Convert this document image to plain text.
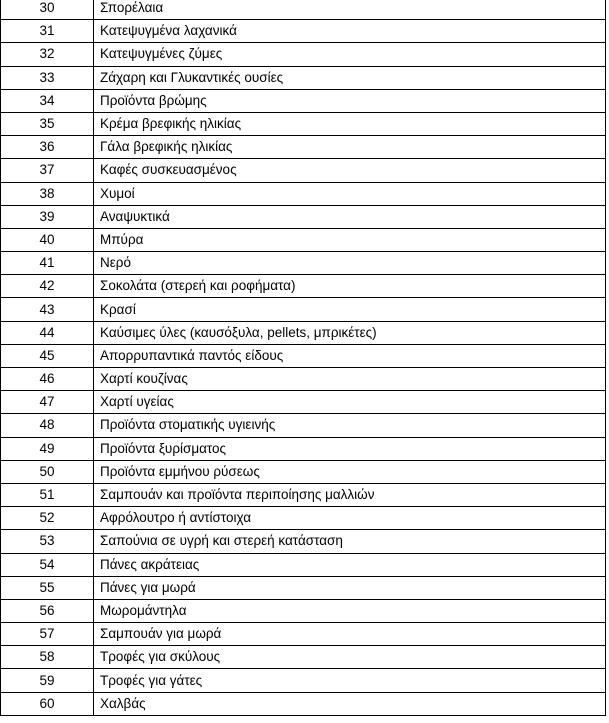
30	Σπορέλαια
31	Κατεψυγμένα λαχανικά
32	Κατεψυγμένες ζύμες
33	Ζάχαρη και Γλυκαντικές ουσίες
34	Προϊόντα βρώμης
35	Κρέμα βρεφικής ηλικίας
36	Γάλα βρεφικής ηλικίας
37	Καφές συσκευασμένος
38	Χυμοί
39	Αναψυκτικά
40	Μπύρα
41	Νερό
42	Σοκολάτα (στερεή και ροφήματα)
43	Κρασί
44	Καύσιμες ύλες (καυσόξυλα, pellets, μπρικέτες)
45	Απορρυπαντικά παντός είδους
46	Χαρτί κουζίνας
47	Χαρτί υγείας
48	Προϊόντα στοματικής υγιεινής
49	Προϊόντα ξυρίσματος
50	Προϊόντα εμμήνου ρύσεως
51	Σαμπουάν και προϊόντα περιποίησης μαλλιών
52	Αφρόλουτρο ή αντίστοιχα
53	Σαπούνια σε υγρή και στερεή κατάσταση
54	Πάνες ακράτειας
55	Πάνες για μωρά
56	Μωρομάντηλα
57	Σαμπουάν για μωρά
58	Τροφές για σκύλους
59	Τροφές για γάτες
60	Χαλβάς
